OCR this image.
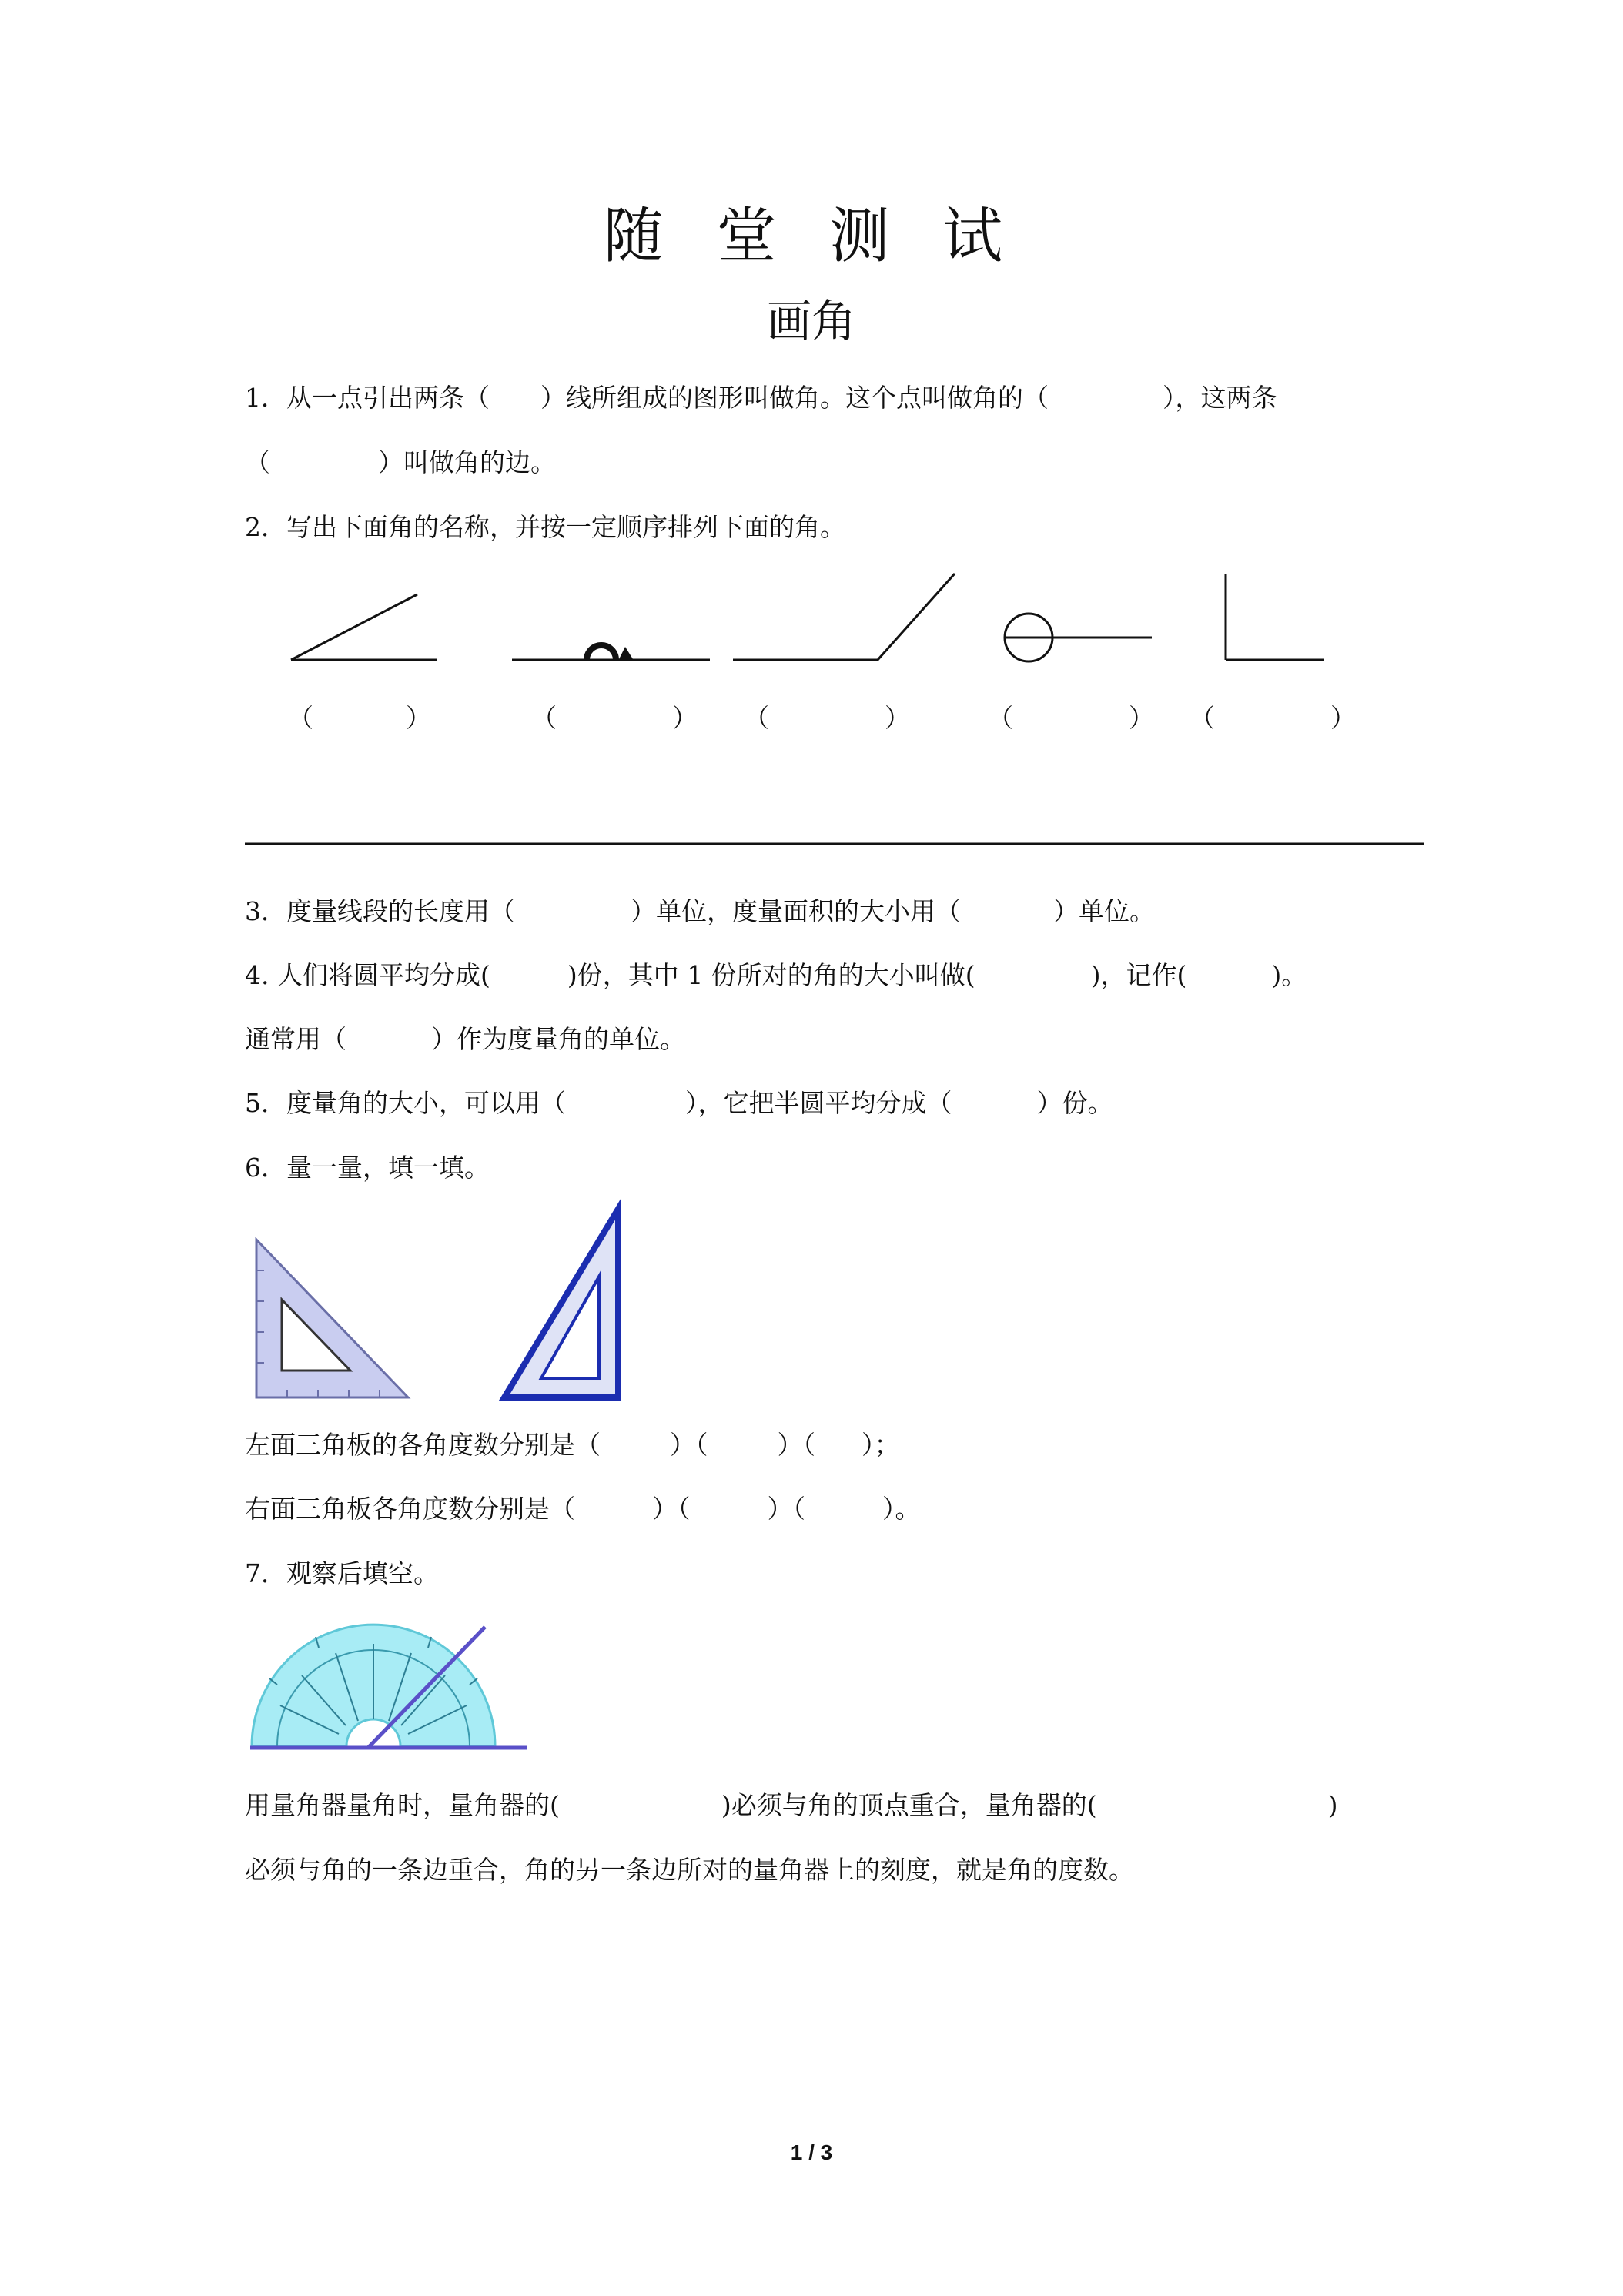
随 堂 测 试
画角
1．从一点引出两条（ ）线所组成的图形叫做角。这个点叫做角的（	），这两条
（	）叫做角的边。
2．写出下面角的名称，并按一定顺序排列下面的角。
（	）	（	） （	）	（	） （	）
3．度量线段的长度用（	）单位，度量面积的大小用（	）单位。
4. 人们将圆平均分成(	)份，其中 1 份所对的角的大小叫做(	)，记作(	)。
通常用（	）作为度量角的单位。
5．度量角的大小，可以用（	），它把半圆平均分成（	）份。
6．量一量，填一填。
左面三角板的各角度数分别是（	）（	）（ ）；
右面三角板各角度数分别是（	）（	）（	）。
7．观察后填空。
用量角器量角时，量角器的(	)必须与角的顶点重合，量角器的(	)
必须与角的一条边重合，角的另一条边所对的量角器上的刻度，就是角的度数。
1 / 3
